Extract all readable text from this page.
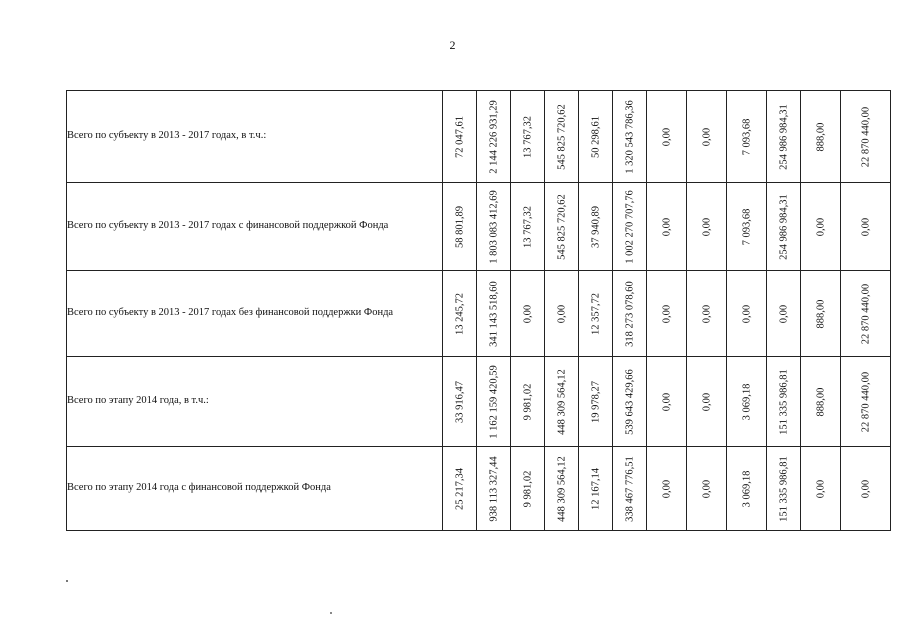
2
Всего по субъекту в 2013 - 2017 годах, в т.ч.:	72 047,61	2 144 226 931,29	13 767,32	545 825 720,62	50 298,61	1 320 543 786,36	0,00	0,00	7 093,68	254 986 984,31	888,00	22 870 440,00

Всего по субъекту в 2013 - 2017 годах с финансовой поддержкой Фонда	58 801,89	1 803 083 412,69	13 767,32	545 825 720,62	37 940,89	1 002 270 707,76	0,00	0,00	7 093,68	254 986 984,31	0,00	0,00

Всего по субъекту в 2013 - 2017 годах без финансовой поддержки Фонда	13 245,72	341 143 518,60	0,00	0,00	12 357,72	318 273 078,60	0,00	0,00	0,00	0,00	888,00	22 870 440,00

Всего по этапу 2014 года, в т.ч.:	33 916,47	1 162 159 420,59	9 981,02	448 309 564,12	19 978,27	539 643 429,66	0,00	0,00	3 069,18	151 335 986,81	888,00	22 870 440,00

Всего по этапу 2014 года с финансовой поддержкой Фонда	25 217,34	938 113 327,44	9 981,02	448 309 564,12	12 167,14	338 467 776,51	0,00	0,00	3 069,18	151 335 986,81	0,00	0,00
